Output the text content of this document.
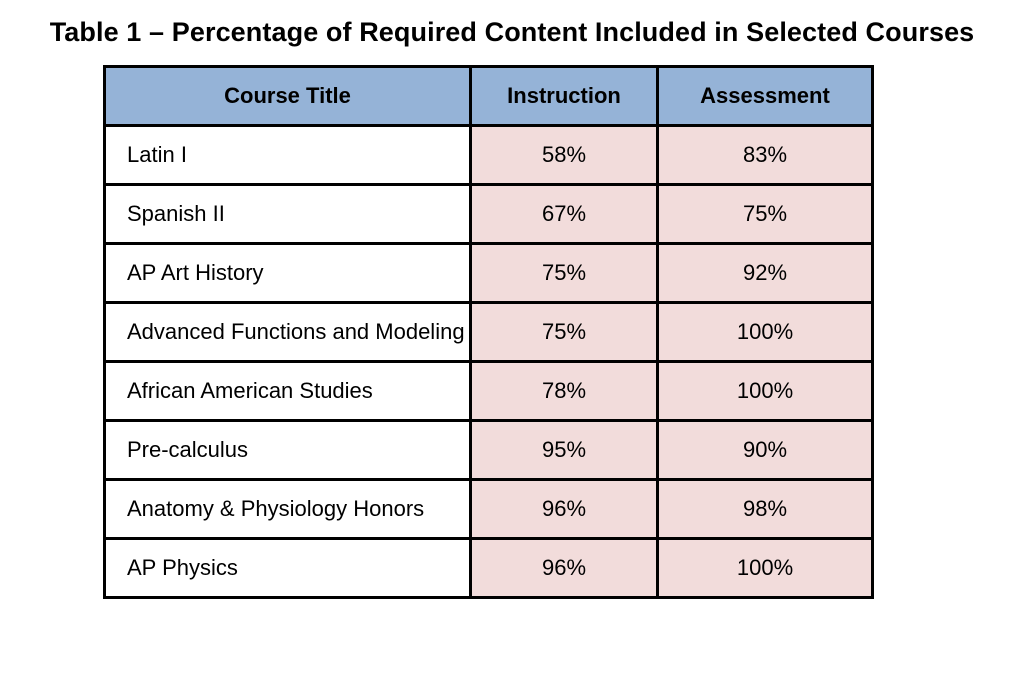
Table 1 – Percentage of Required Content Included in Selected Courses
Course Title	Instruction	Assessment
Latin I	58%	83%
Spanish II	67%	75%
AP Art History	75%	92%
Advanced Functions and Modeling	75%	100%
African American Studies	78%	100%
Pre-calculus	95%	90%
Anatomy & Physiology Honors	96%	98%
AP Physics	96%	100%
